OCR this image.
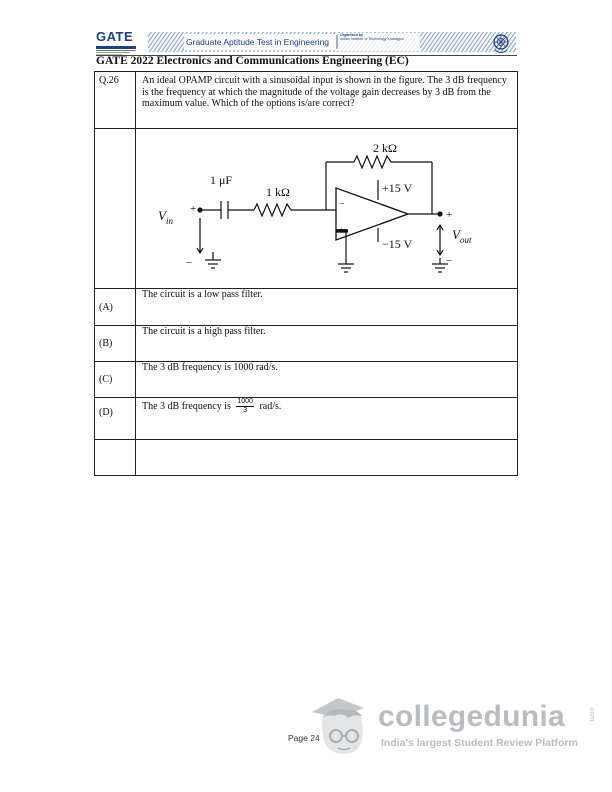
GATE	Graduate Aptitude Test in Engineering
Organised by
Indian Institute of Technology Kharagpur
GATE 2022 Electronics and Communications Engineering (EC)
Q.26	An ideal OPAMP circuit with a sinusoidal input is shown in the figure. The 3 dB frequency is the frequency at which the magnitude of the voltage gain decreases by 3 dB from the maximum value. Which of the options is/are correct?

(A)	The circuit is a low pass filter.
(B)	The circuit is a high pass filter.
(C)	The 3 dB frequency is 1000 rad/s.
(D)	The 3 dB frequency is $\frac{1000}{3} rad/s$.

1 μF
1 kΩ
2 kΩ
+15 V
−15 V
−
+
+
−
+
−
$V_{in}$
$V_{out}$
Page 24
collegedunia	.com
India's largest Student Review Platform
